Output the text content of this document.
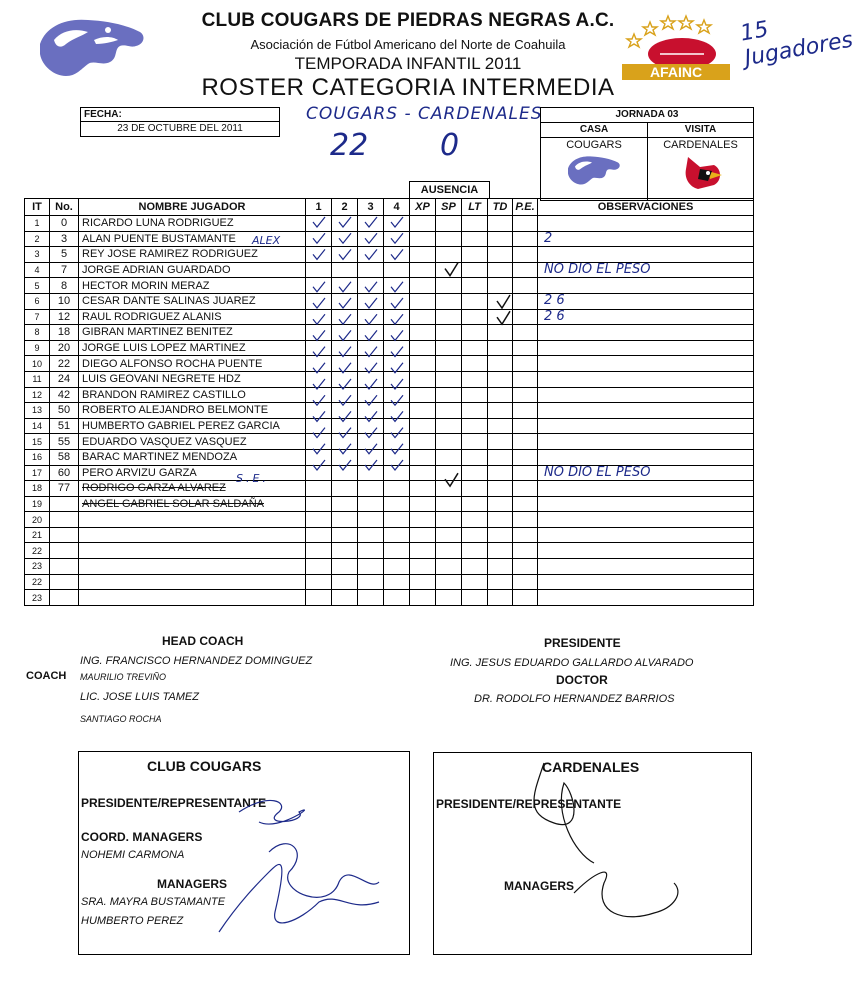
AFAINC
15 Jugadores
CLUB COUGARS DE PIEDRAS NEGRAS A.C.
Asociación de Fútbol Americano del Norte de Coahuila
TEMPORADA INFANTIL 2011
ROSTER CATEGORIA INTERMEDIA
FECHA:
23 DE OCTUBRE DEL 2011
COUGARS - CARDENALES
22 0
JORNADA 03
CASA
COUGARS
VISITA
CARDENALES
AUSENCIA
IT	No.	NOMBRE JUGADOR	1	2	3	4	XP	SP	LT	TD	P.E.	OBSERVACIONES
1	0	RICARDO LUNA RODRIGUEZ										
2	3	ALAN PUENTE BUSTAMANTE										2
3	5	REY JOSE RAMIREZ RODRIGUEZ										
4	7	JORGE ADRIAN GUARDADO										NO DIO EL PESO
5	8	HECTOR MORIN MERAZ										
6	10	CESAR DANTE SALINAS JUAREZ										2 6
7	12	RAUL RODRIGUEZ ALANIS										2 6
8	18	GIBRAN MARTINEZ BENITEZ										
9	20	JORGE LUIS LOPEZ MARTINEZ										
10	22	DIEGO ALFONSO ROCHA PUENTE										
11	24	LUIS GEOVANI NEGRETE HDZ										
12	42	BRANDON RAMIREZ CASTILLO										
13	50	ROBERTO ALEJANDRO BELMONTE										
14	51	HUMBERTO GABRIEL PEREZ GARCIA										
15	55	EDUARDO VASQUEZ VASQUEZ										
16	58	BARAC MARTINEZ MENDOZA										
17	60	PERO ARVIZU GARZA										NO DIO EL PESO
18	77	RODRIGO GARZA ALVAREZ										
19		ANGEL GABRIEL SOLAR SALDAÑA										
20												
21												
22												
23												
22												
23												
ALEX
S.E.
HEAD COACH
ING. FRANCISCO HERNANDEZ DOMINGUEZ
COACH MAURILIO TREVIÑO
LIC. JOSE LUIS TAMEZ
SANTIAGO ROCHA
PRESIDENTE
ING. JESUS EDUARDO GALLARDO ALVARADO
DOCTOR
DR. RODOLFO HERNANDEZ BARRIOS
CLUB COUGARS
PRESIDENTE/REPRESENTANTE
COORD. MANAGERS
NOHEMI CARMONA
MANAGERS
SRA. MAYRA BUSTAMANTE
HUMBERTO PEREZ
CARDENALES
PRESIDENTE/REPRESENTANTE
MANAGERS
